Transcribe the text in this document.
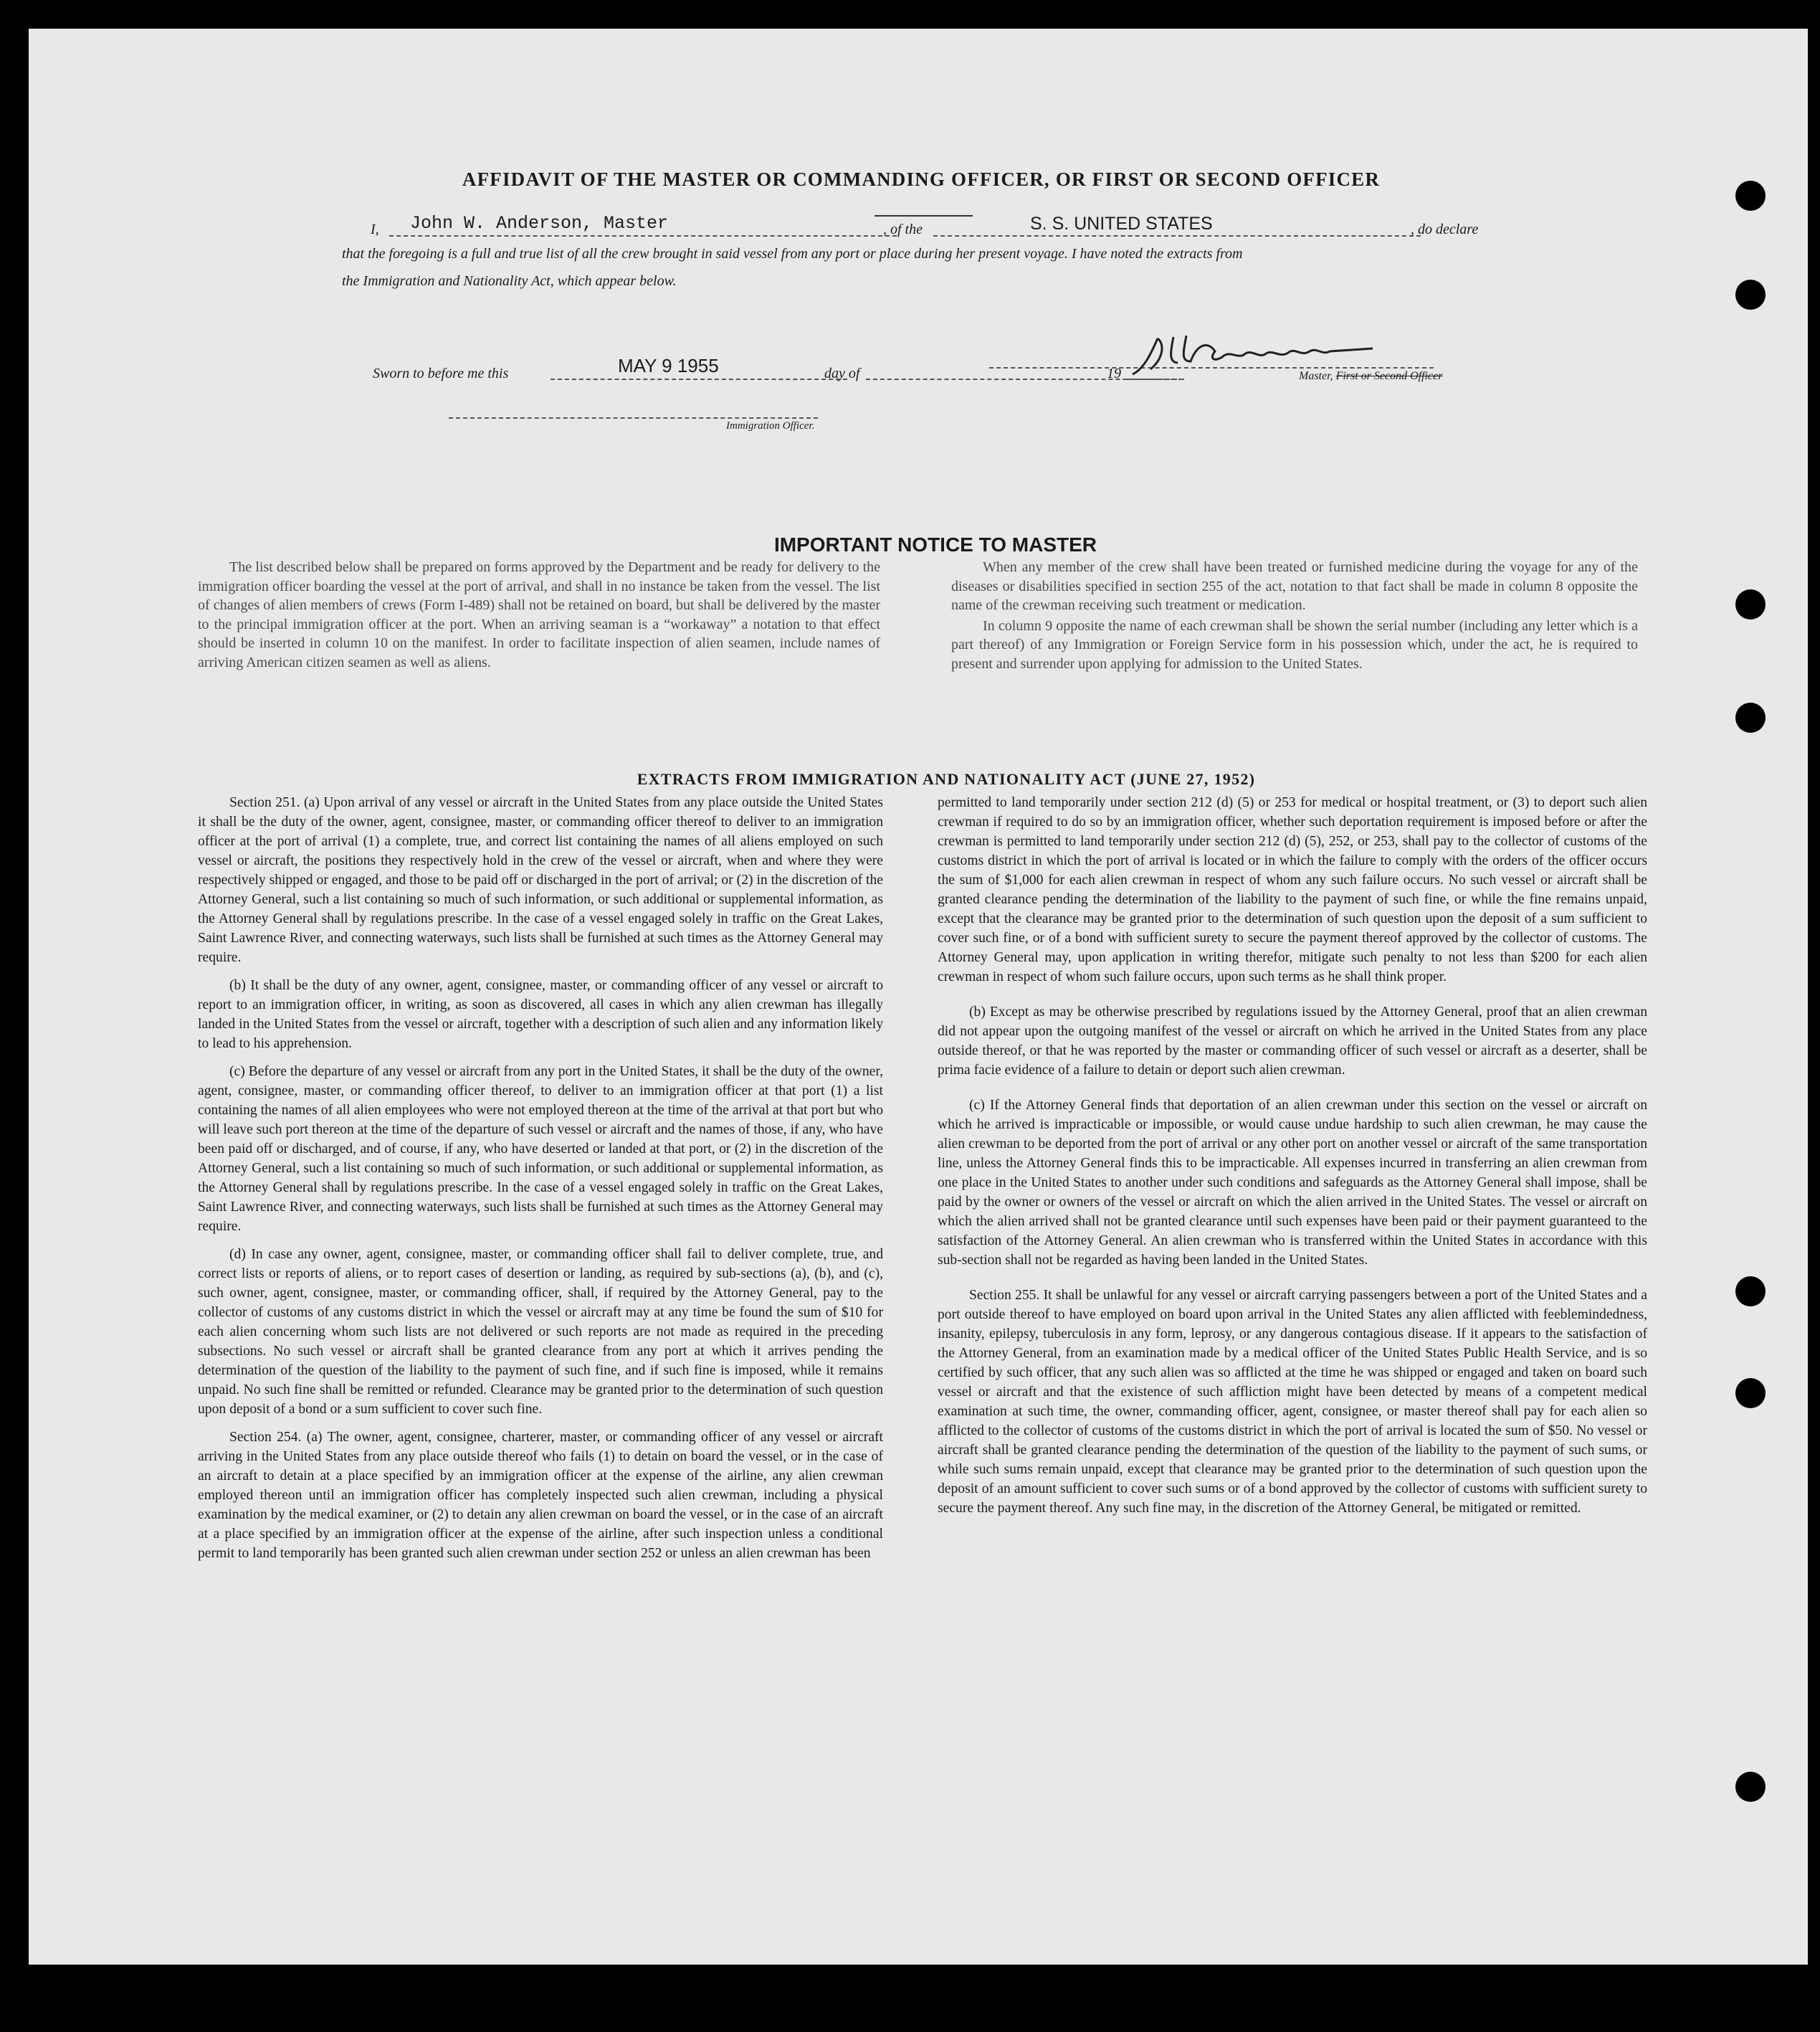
AFFIDAVIT OF THE MASTER OR COMMANDING OFFICER, OR FIRST OR SECOND OFFICER
I, John W. Anderson, Master	, of the	S. S. UNITED STATES	, do declare
that the foregoing is a full and true list of all the crew brought in said vessel from any port or place during her present voyage. I have noted the extracts from
the Immigration and Nationality Act, which appear below.
Master, First or Second Officer
Sworn to before me this	MAY 9 1955	day of	19
Immigration Officer.
IMPORTANT NOTICE TO MASTER

The list described below shall be prepared on forms approved by the Department and be ready for delivery to the immigration officer boarding the vessel at the port of arrival, and shall in no instance be taken from the vessel. The list of changes of alien members of crews (Form I-489) shall not be retained on board, but shall be delivered by the master to the principal immigration officer at the port. When an arriving seaman is a “workaway” a notation to that effect should be inserted in column 10 on the manifest. In order to facilitate inspection of alien seamen, include names of arriving American citizen seamen as well as aliens.

When any member of the crew shall have been treated or furnished medicine during the voyage for any of the diseases or disabilities specified in section 255 of the act, notation to that fact shall be made in column 8 opposite the name of the crewman receiving such treatment or medication.

In column 9 opposite the name of each crewman shall be shown the serial number (including any letter which is a part thereof) of any Immigration or Foreign Service form in his possession which, under the act, he is required to present and surrender upon applying for admission to the United States.

EXTRACTS FROM IMMIGRATION AND NATIONALITY ACT (JUNE 27, 1952)

Section 251. (a) Upon arrival of any vessel or aircraft in the United States from any place outside the United States it shall be the duty of the owner, agent, consignee, master, or commanding officer thereof to deliver to an immigration officer at the port of arrival (1) a complete, true, and correct list containing the names of all aliens employed on such vessel or aircraft, the positions they respectively hold in the crew of the vessel or aircraft, when and where they were respectively shipped or engaged, and those to be paid off or discharged in the port of arrival; or (2) in the discretion of the Attorney General, such a list containing so much of such information, or such additional or supplemental information, as the Attorney General shall by regulations prescribe. In the case of a vessel engaged solely in traffic on the Great Lakes, Saint Lawrence River, and connecting waterways, such lists shall be furnished at such times as the Attorney General may require.

(b) It shall be the duty of any owner, agent, consignee, master, or commanding officer of any vessel or aircraft to report to an immigration officer, in writing, as soon as discovered, all cases in which any alien crewman has illegally landed in the United States from the vessel or aircraft, together with a description of such alien and any information likely to lead to his apprehension.

(c) Before the departure of any vessel or aircraft from any port in the United States, it shall be the duty of the owner, agent, consignee, master, or commanding officer thereof, to deliver to an immigration officer at that port (1) a list containing the names of all alien employees who were not employed thereon at the time of the arrival at that port but who will leave such port thereon at the time of the departure of such vessel or aircraft and the names of those, if any, who have been paid off or discharged, and of course, if any, who have deserted or landed at that port, or (2) in the discretion of the Attorney General, such a list containing so much of such information, or such additional or supplemental information, as the Attorney General shall by regulations prescribe. In the case of a vessel engaged solely in traffic on the Great Lakes, Saint Lawrence River, and connecting waterways, such lists shall be furnished at such times as the Attorney General may require.

(d) In case any owner, agent, consignee, master, or commanding officer shall fail to deliver complete, true, and correct lists or reports of aliens, or to report cases of desertion or landing, as required by sub-sections (a), (b), and (c), such owner, agent, consignee, master, or commanding officer, shall, if required by the Attorney General, pay to the collector of customs of any customs district in which the vessel or aircraft may at any time be found the sum of $10 for each alien concerning whom such lists are not delivered or such reports are not made as required in the preceding subsections. No such vessel or aircraft shall be granted clearance from any port at which it arrives pending the determination of the question of the liability to the payment of such fine, and if such fine is imposed, while it remains unpaid. No such fine shall be remitted or refunded. Clearance may be granted prior to the determination of such question upon deposit of a bond or a sum sufficient to cover such fine.

Section 254. (a) The owner, agent, consignee, charterer, master, or commanding officer of any vessel or aircraft arriving in the United States from any place outside thereof who fails (1) to detain on board the vessel, or in the case of an aircraft to detain at a place specified by an immigration officer at the expense of the airline, any alien crewman employed thereon until an immigration officer has completely inspected such alien crewman, including a physical examination by the medical examiner, or (2) to detain any alien crewman on board the vessel, or in the case of an aircraft at a place specified by an immigration officer at the expense of the airline, after such inspection unless a conditional permit to land temporarily has been granted such alien crewman under section 252 or unless an alien crewman has been

permitted to land temporarily under section 212 (d) (5) or 253 for medical or hospital treatment, or (3) to deport such alien crewman if required to do so by an immigration officer, whether such deportation requirement is imposed before or after the crewman is permitted to land temporarily under section 212 (d) (5), 252, or 253, shall pay to the collector of customs of the customs district in which the port of arrival is located or in which the failure to comply with the orders of the officer occurs the sum of $1,000 for each alien crewman in respect of whom any such failure occurs. No such vessel or aircraft shall be granted clearance pending the determination of the liability to the payment of such fine, or while the fine remains unpaid, except that the clearance may be granted prior to the determination of such question upon the deposit of a sum sufficient to cover such fine, or of a bond with sufficient surety to secure the payment thereof approved by the collector of customs. The Attorney General may, upon application in writing therefor, mitigate such penalty to not less than $200 for each alien crewman in respect of whom such failure occurs, upon such terms as he shall think proper.

(b) Except as may be otherwise prescribed by regulations issued by the Attorney General, proof that an alien crewman did not appear upon the outgoing manifest of the vessel or aircraft on which he arrived in the United States from any place outside thereof, or that he was reported by the master or commanding officer of such vessel or aircraft as a deserter, shall be prima facie evidence of a failure to detain or deport such alien crewman.

(c) If the Attorney General finds that deportation of an alien crewman under this section on the vessel or aircraft on which he arrived is impracticable or impossible, or would cause undue hardship to such alien crewman, he may cause the alien crewman to be deported from the port of arrival or any other port on another vessel or aircraft of the same transportation line, unless the Attorney General finds this to be impracticable. All expenses incurred in transferring an alien crewman from one place in the United States to another under such conditions and safeguards as the Attorney General shall impose, shall be paid by the owner or owners of the vessel or aircraft on which the alien arrived in the United States. The vessel or aircraft on which the alien arrived shall not be granted clearance until such expenses have been paid or their payment guaranteed to the satisfaction of the Attorney General. An alien crewman who is transferred within the United States in accordance with this sub-section shall not be regarded as having been landed in the United States.

Section 255. It shall be unlawful for any vessel or aircraft carrying passengers between a port of the United States and a port outside thereof to have employed on board upon arrival in the United States any alien afflicted with feeblemindedness, insanity, epilepsy, tuberculosis in any form, leprosy, or any dangerous contagious disease. If it appears to the satisfaction of the Attorney General, from an examination made by a medical officer of the United States Public Health Service, and is so certified by such officer, that any such alien was so afflicted at the time he was shipped or engaged and taken on board such vessel or aircraft and that the existence of such affliction might have been detected by means of a competent medical examination at such time, the owner, commanding officer, agent, consignee, or master thereof shall pay for each alien so afflicted to the collector of customs of the customs district in which the port of arrival is located the sum of $50. No vessel or aircraft shall be granted clearance pending the determination of the question of the liability to the payment of such sums, or while such sums remain unpaid, except that clearance may be granted prior to the determination of such question upon the deposit of an amount sufficient to cover such sums or of a bond approved by the collector of customs with sufficient surety to secure the payment thereof. Any such fine may, in the discretion of the Attorney General, be mitigated or remitted.
